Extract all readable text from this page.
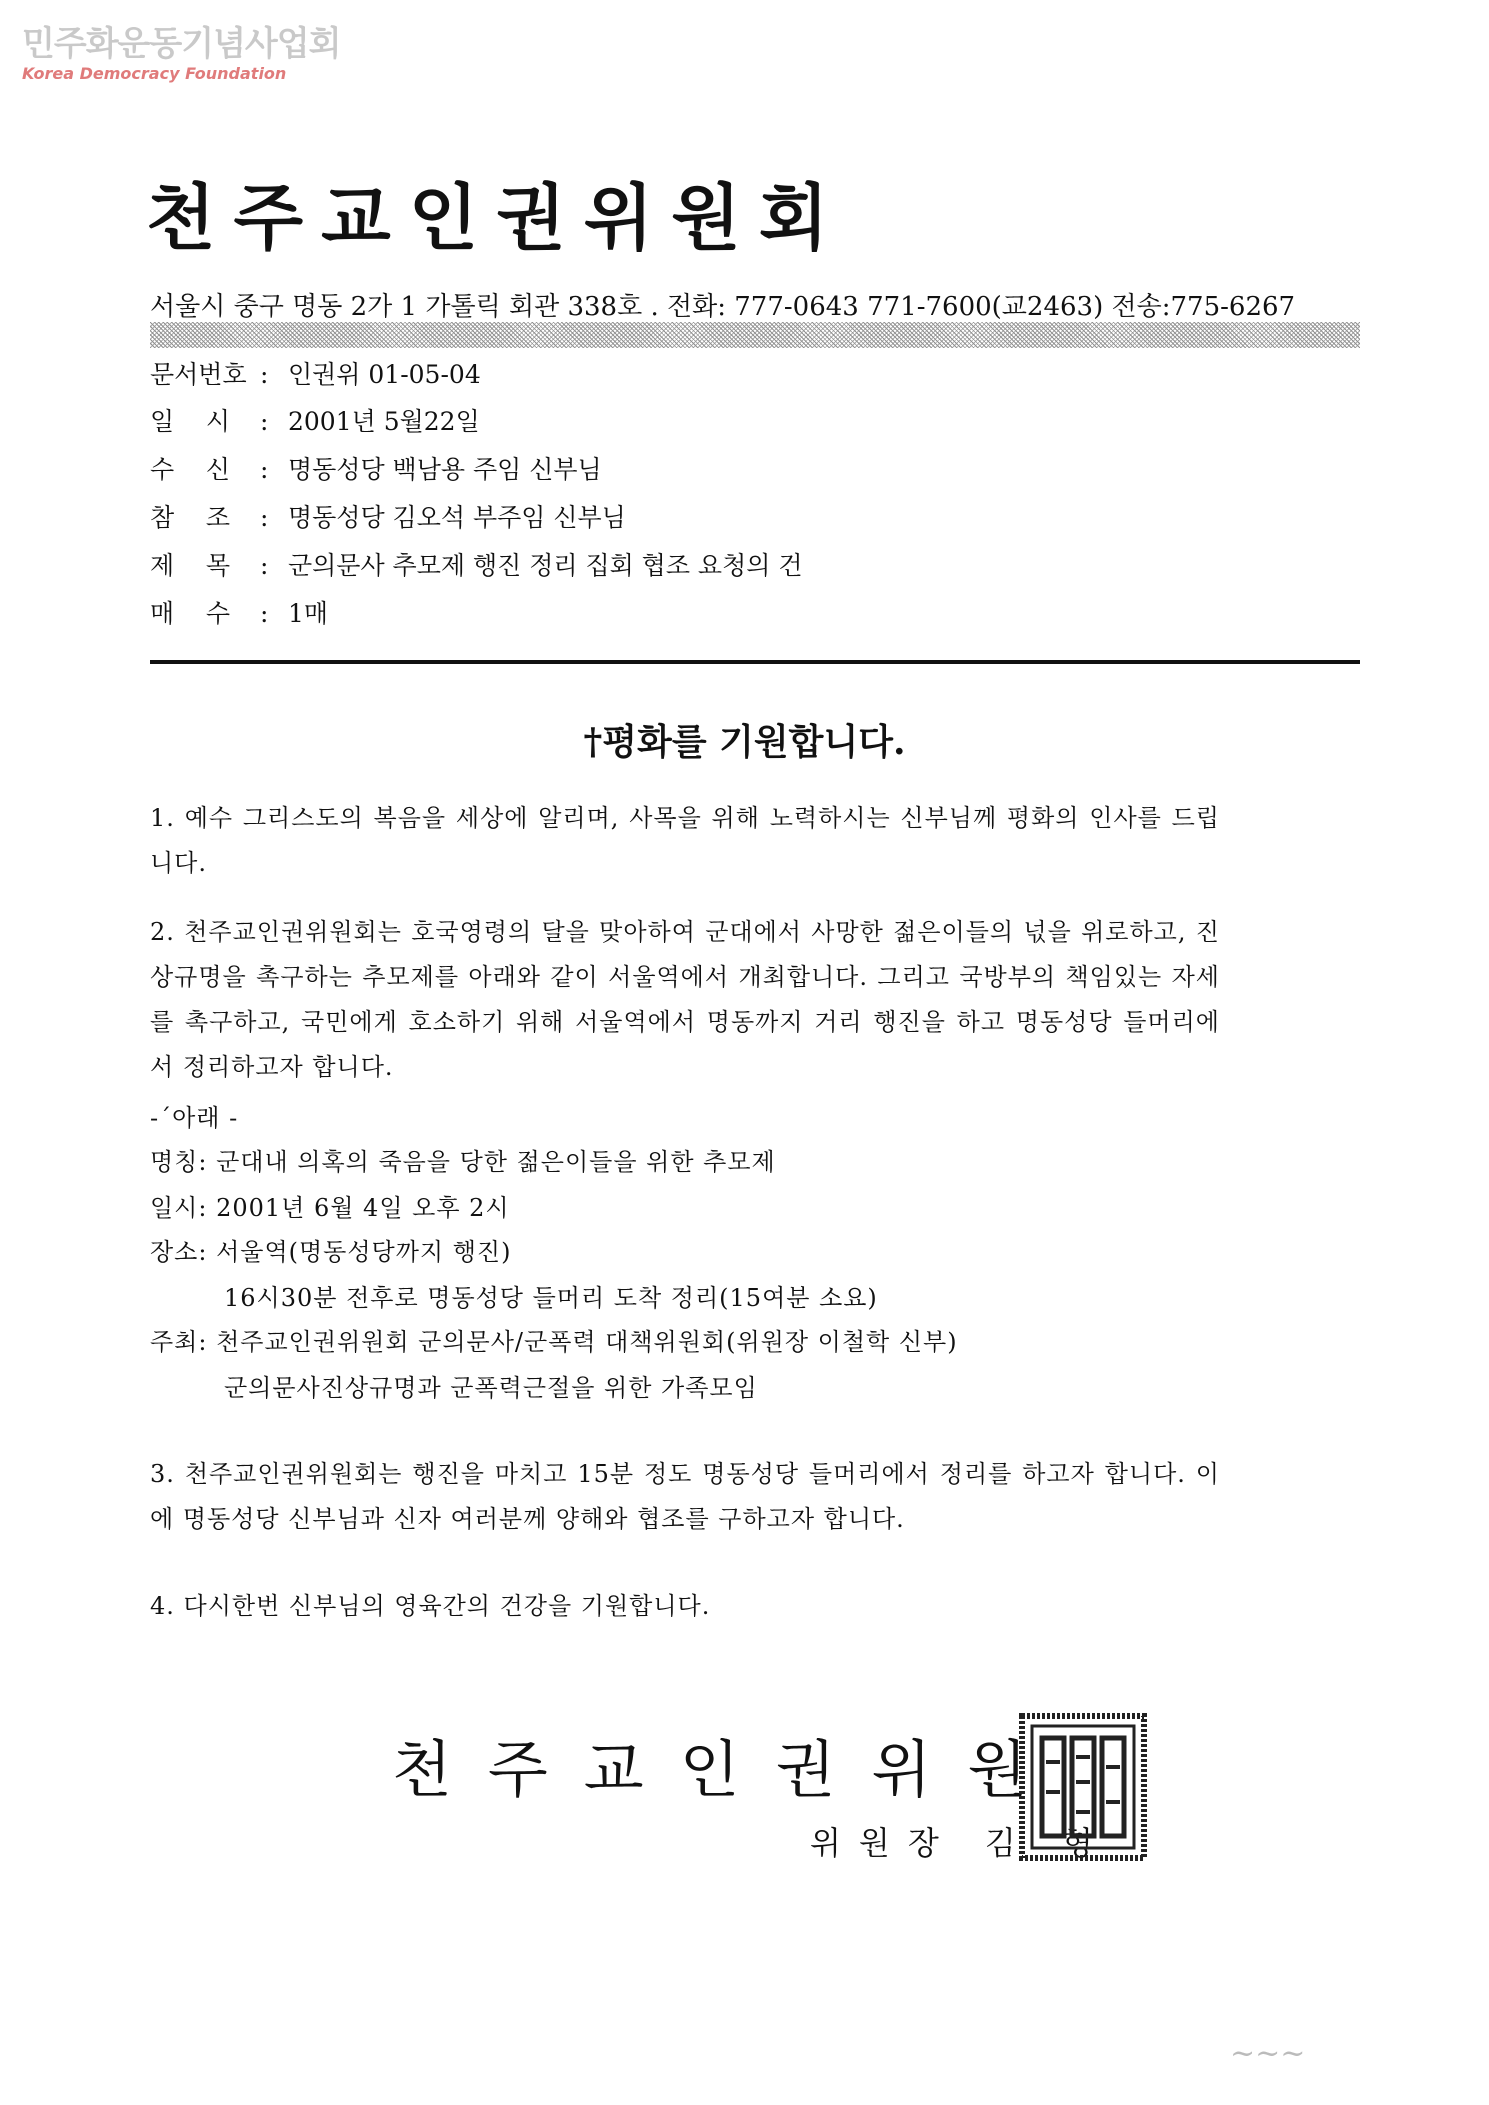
민주화운동기념사업회
Korea Democracy Foundation
천주교인권위원회
서울시 중구 명동 2가 1 가톨릭 회관 338호 . 전화: 777-0643 771-7600(교2463) 전송:775-6267
문서번호 : 인권위 01-05-04
일    시 : 2001년 5월22일
수    신 : 명동성당 백남용 주임 신부님
참    조 : 명동성당 김오석 부주임 신부님
제    목 : 군의문사 추모제 행진 정리 집회 협조 요청의 건
매    수 : 1매
†평화를 기원합니다.
1. 예수 그리스도의 복음을 세상에 알리며, 사목을 위해 노력하시는 신부님께 평화의 인사를 드립니다.
2. 천주교인권위원회는 호국영령의 달을 맞아하여 군대에서 사망한 젊은이들의 넋을 위로하고, 진상규명을 촉구하는 추모제를 아래와 같이 서울역에서 개최합니다. 그리고 국방부의 책임있는 자세를 촉구하고, 국민에게 호소하기 위해 서울역에서 명동까지 거리 행진을 하고 명동성당 들머리에서 정리하고자 합니다.
-ˊ아래 -
명칭: 군대내 의혹의 죽음을 당한 젊은이들을 위한 추모제
일시: 2001년 6월 4일 오후 2시
장소: 서울역(명동성당까지 행진)
16시30분 전후로 명동성당 들머리 도착 정리(15여분 소요)
주최: 천주교인권위원회 군의문사/군폭력 대책위원회(위원장 이철학 신부)
군의문사진상규명과 군폭력근절을 위한 가족모임
3. 천주교인권위원회는 행진을 마치고 15분 정도 명동성당 들머리에서 정리를 하고자 합니다. 이에 명동성당 신부님과 신자 여러분께 양해와 협조를 구하고자 합니다.
4. 다시한번 신부님의 영육간의 건강을 기원합니다.
천주교인권위원
위원장 김 형
~~~
